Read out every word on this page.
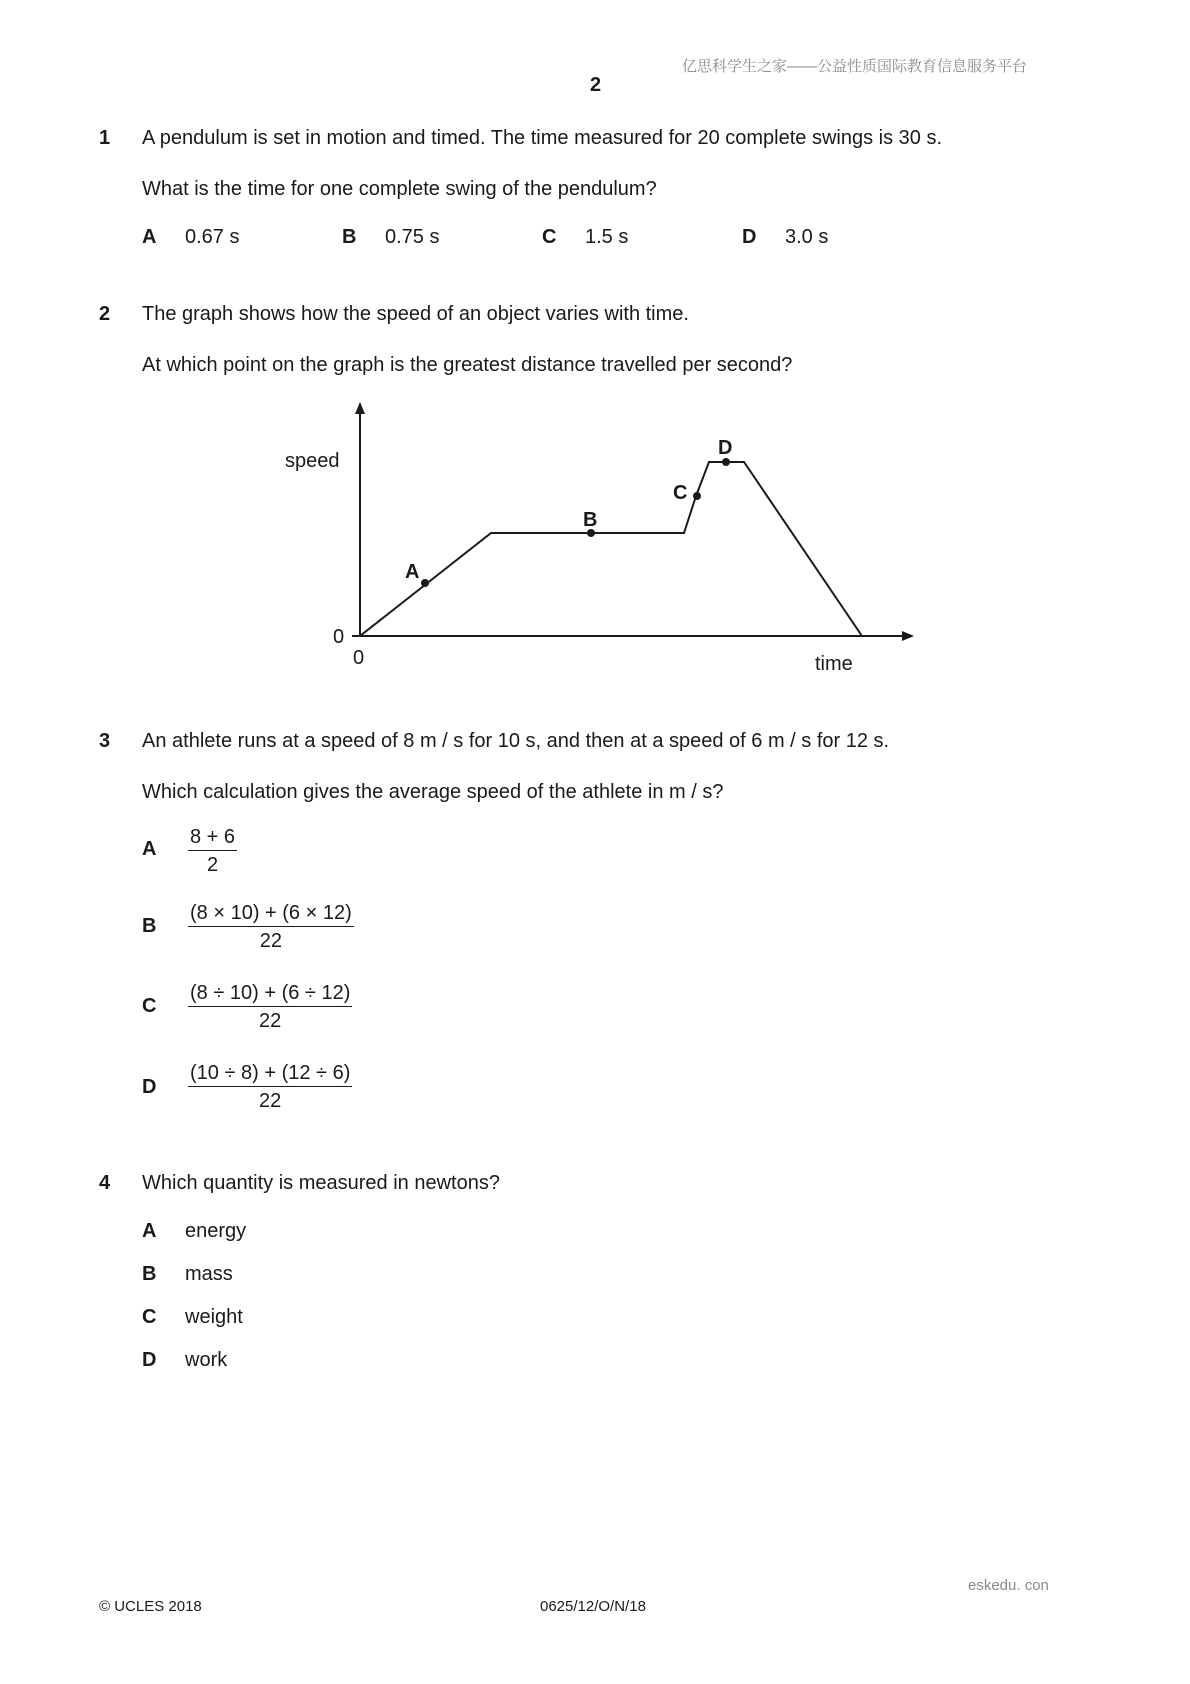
亿思科学生之家——公益性质国际教育信息服务平台
2
1 A pendulum is set in motion and timed. The time measured for 20 complete swings is 30 s.
What is the time for one complete swing of the pendulum?
A 0.67 s	B 0.75 s	C 1.5 s	D 3.0 s
2 The graph shows how the speed of an object varies with time.
At which point on the graph is the greatest distance travelled per second?
A
B
C
D
speed
time
0
0
3 An athlete runs at a speed of 8 m / s for 10 s, and then at a speed of 6 m / s for 12 s.
Which calculation gives the average speed of the athlete in m / s?
A $\frac{8 + 6}{2}$
B $\frac{(8 \times 10) + (6 \times 12)}{22}$
C $\frac{(8 \div 10) + (6 \div 12)}{22}$
D $\frac{(10 \div 8) + (12 \div 6)}{22}$
4 Which quantity is measured in newtons?
A energy
B mass
C weight
D work
eskedu. con
© UCLES 2018	0625/12/O/N/18
